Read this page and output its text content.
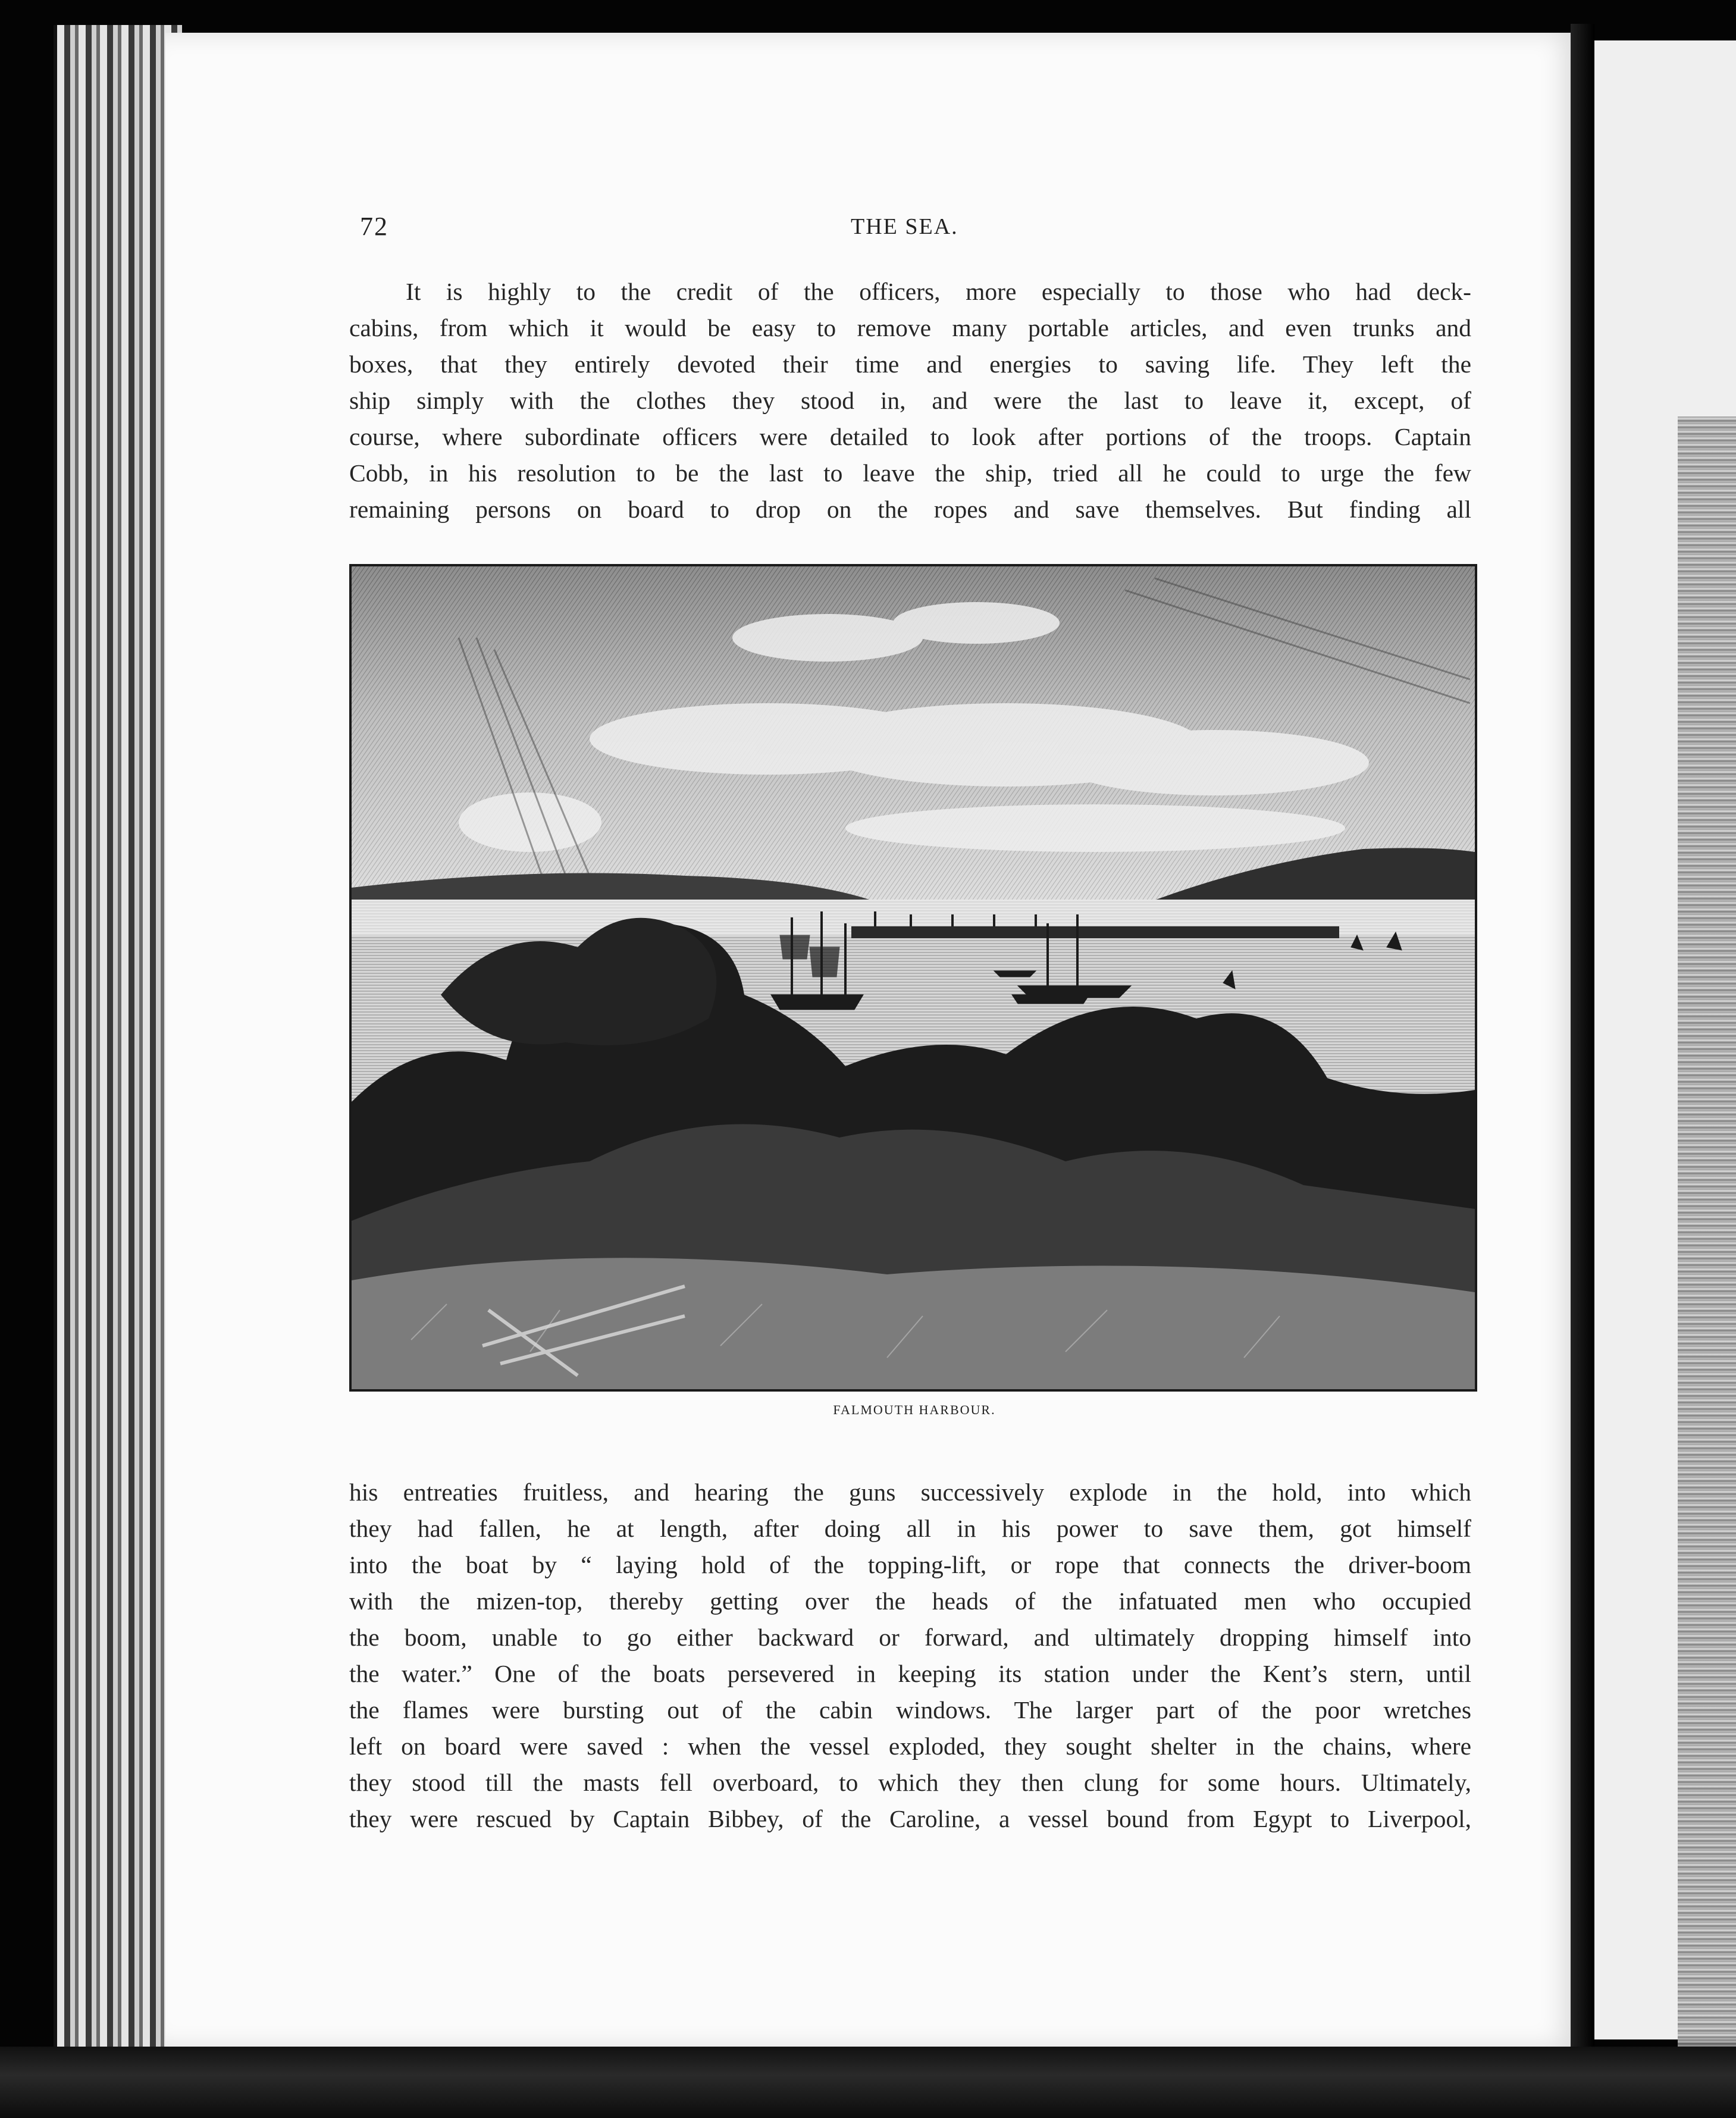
72	THE SEA.
It is highly to the credit of the officers, more especially to those who had deck-
cabins, from which it would be easy to remove many portable articles, and even trunks and
boxes, that they entirely devoted their time and energies to saving life. They left the
ship simply with the clothes they stood in, and were the last to leave it, except, of
course, where subordinate officers were detailed to look after portions of the troops. Captain
Cobb, in his resolution to be the last to leave the ship, tried all he could to urge the few
remaining persons on board to drop on the ropes and save themselves. But finding all
FALMOUTH HARBOUR.
his entreaties fruitless, and hearing the guns successively explode in the hold, into which
they had fallen, he at length, after doing all in his power to save them, got himself
into the boat by “ laying hold of the topping-lift, or rope that connects the driver-boom
with the mizen-top, thereby getting over the heads of the infatuated men who occupied
the boom, unable to go either backward or forward, and ultimately dropping himself into
the water.” One of the boats persevered in keeping its station under the Kent’s stern, until
the flames were bursting out of the cabin windows. The larger part of the poor wretches
left on board were saved : when the vessel exploded, they sought shelter in the chains, where
they stood till the masts fell overboard, to which they then clung for some hours. Ultimately,
they were rescued by Captain Bibbey, of the Caroline, a vessel bound from Egypt to Liverpool,
